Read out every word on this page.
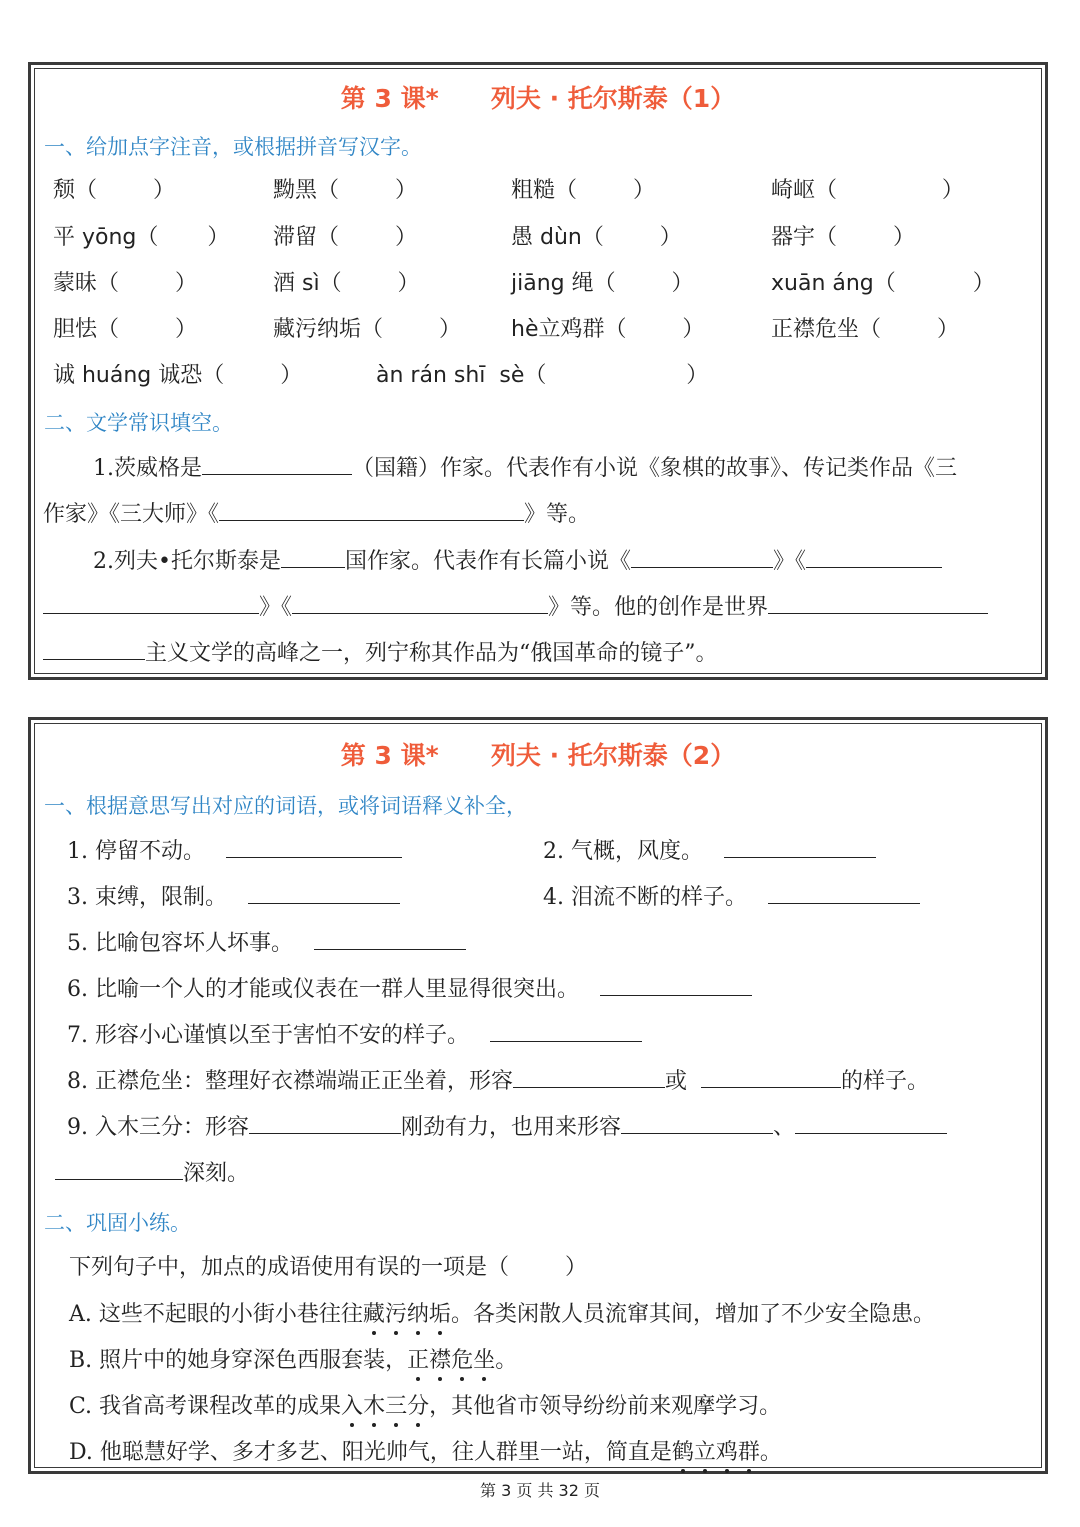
第 3 课*      列夫 · 托尔斯泰（1）
一、给加点字注音，或根据拼音写汉字。
颓（        ）	黝黑（        ）	粗糙（        ）	崎岖（               ）
平 yōng（       ） 滞留（        ）	愚 dùn（        ）	器宇（        ）
蒙昧（        ）	酒 sì（        ）	jiāng 绳（        ）	xuān áng（           ）
胆怯（        ）	藏污纳垢（        ） hè立鸡群（        ）	正襟危坐（        ）
诚 huáng 诚恐（        ）	àn rán shī  sè（                    ）
二、文学常识填空。
1.茨威格是	（国籍）作家。代表作有小说《象棋的故事》、传记类作品《三
作家》《三大师》《	》等。
2.列夫•托尔斯泰是	国作家。代表作有长篇小说《	》《
》《	》等。他的创作是世界
主义文学的高峰之一，列宁称其作品为“俄国革命的镜子”。
第 3 课*      列夫 · 托尔斯泰（2）
一、根据意思写出对应的词语，或将词语释义补全，
1. 停留不动。	2. 气概，风度。
3. 束缚，限制。	4. 泪流不断的样子。
5. 比喻包容坏人坏事。
6. 比喻一个人的才能或仪表在一群人里显得很突出。
7. 形容小心谨慎以至于害怕不安的样子。
8. 正襟危坐：整理好衣襟端端正正坐着，形容	或	的样子。
9. 入木三分：形容	刚劲有力，也用来形容	、
深刻。
二、巩固小练。
下列句子中，加点的成语使用有误的一项是（        ）
A. 这些不起眼的小街小巷往往藏污纳垢。各类闲散人员流窜其间，增加了不少安全隐患。
B. 照片中的她身穿深色西服套装，正襟危坐。
C. 我省高考课程改革的成果入木三分，其他省市领导纷纷前来观摩学习。
D. 他聪慧好学、多才多艺、阳光帅气，往人群里一站，简直是鹤立鸡群。
第 3 页 共 32 页
